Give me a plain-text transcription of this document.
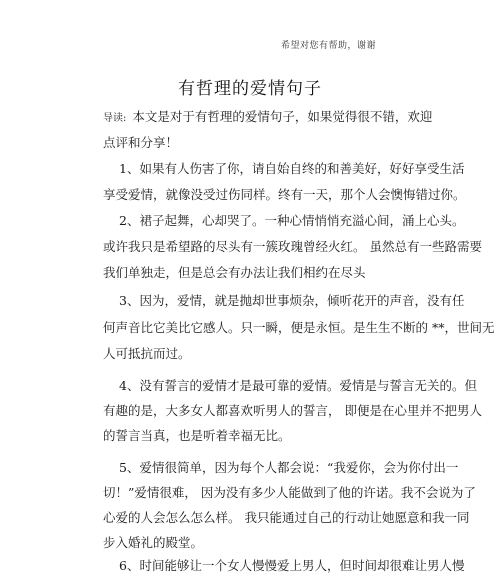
希望对您有帮助，谢谢
有哲理的爱情句子
导读: 本文是对于有哲理的爱情句子，如果觉得很不错，欢迎
点评和分享！
1、如果有人伤害了你，请自始自终的和善美好，好好享受生活
享受爱情，就像没受过伤同样。终有一天，那个人会懊悔错过你。
2、裙子起舞，心却哭了。一种心情悄悄充溢心间，涌上心头。
或许我只是希望路的尽头有一簇玫瑰曾经火红。 虽然总有一些路需要
我们单独走，但是总会有办法让我们相约在尽头
3、因为，爱情，就是抛却世事烦杂，倾听花开的声音，没有任
何声音比它美比它感人。只一瞬，便是永恒。是生生不断的 **，世间无
人可抵抗而过。
4、没有誓言的爱情才是最可靠的爱情。爱情是与誓言无关的。但
有趣的是，大多女人都喜欢听男人的誓言， 即便是在心里并不把男人
的誓言当真，也是听着幸福无比。
5、爱情很简单，因为每个人都会说：“我爱你，会为你付出一
切！”爱情很难， 因为没有多少人能做到了他的许诺。我不会说为了
心爱的人会怎么怎么样。 我只能通过自己的行动让她愿意和我一同
步入婚礼的殿堂。
6、时间能够让一个女人慢慢爱上男人，但时间却很难让男人慢
